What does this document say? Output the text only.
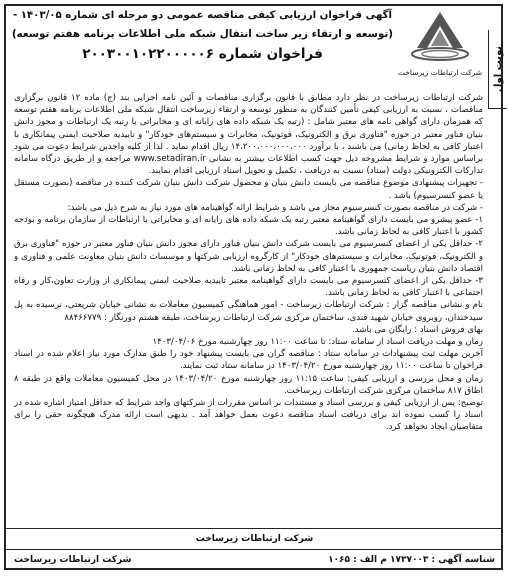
نوبت اول
آگهی فراخوان ارزیابی کیفی مناقصه عمومی دو مرحله ای شماره ۱۴۰۳/۰۵ -
(توسعه و ارتقاء زیر ساخت انتقال شبکه ملی اطلاعات برنامه هفتم توسعه)
فراخوان شماره ۲۰۰۳۰۰۱۰۲۲۰۰۰۰۰۶
شرکت ارتباطات زیرساخت

شرکت ارتباطات زیرساخت در نظر دارد مطابق با قانون برگزاری مناقصات و آئین نامه اجرایی بند (ج) ماده ۱۲ قانون برگزاری مناقصات ، نسبت به ارزیابی کیفی تأمین کنندگان به منظور توسعه و ارتقاء زیرساخت انتقال شبکه ملی اطلاعات برنامه هفتم توسعه که همزمان دارای گواهی نامه های معتبر شامل : (رتبه یک شبکه داده های رایانه ای و مخابراتی یا رتبه یک ارتباطات و مجوز دانش بنیان فناور معتبر در حوزه "فناوری برق و الکترونیک، فوتونیک، مخابرات و سیستم‌های خودکار" و تاییدیه صلاحیت ایمنی پیمانکاری با اعتبار کافی به لحاظ زمانی) می باشند ، با برآورد ۱۴،۲۰۰،۰۰۰،۰۰۰،۰۰۰ ریال اقدام نماید . لذا از کلیه واجدین شرایط دعوت می شود براساس موارد و شرایط مشروحه ذیل جهت کسب اطلاعات بیشتر به نشانی www.setadiran.ir مراجعه و از طریق درگاه سامانه تدارکات الکترونیکی دولت (ستاد) نسبت به دریافت ، تکمیل و تحویل اسناد ارزیابی اقدام نمایند.

- تجهیزات پیشنهادی موضوع مناقصه می بایست دانش بنیان و محصول شرکت دانش بنیان شرکت کننده در مناقصه (بصورت مستقل یا عضو کنسرسیوم) باشد .

- شرکت در مناقصه بصورت کنسرسیوم مجاز می باشد و شرایط ارائه گواهینامه های مورد نیاز به شرح ذیل می باشد:

۱- عضو پیشرو می بایست دارای گواهینامه معتبر رتبه یک شبکه داده های رایانه ای و مخابراتی یا ارتباطات از سازمان برنامه و بودجه کشور با اعتبار کافی به لحاظ زمانی باشد.

۲- حداقل یکی از اعضای کنسرسیوم می بایست شرکت دانش بنیان فناور دارای مجوز دانش بنیان فناور معتبر در حوزه "فناوری برق و الکترونیک، فوتونیک، مخابرات و سیستم‌های خودکار" از کارگروه ارزیابی شرکتها و موسسات دانش بنیان معاونت علمی و فناوری و اقتصاد دانش بنیان ریاست جمهوری با اعتبار کافی به لحاظ زمانی باشد.

۳- حداقل یکی از اعضای کنسرسیوم می بایست دارای گواهینامه معتبر تاییدیه صلاحیت ایمنی پیمانکاری از وزارت تعاون،کار و رفاه اجتماعی با اعتبار کافی به لحاظ زمانی باشد.

نام و نشانی مناقصه گزار : شرکت ارتباطات زیرساخت - امور هماهنگی کمیسیون معاملات به نشانی خیابان شریعتی، نرسیده به پل سیدخندان، روبروی خیابان شهید قندی، ساختمان مرکزی شرکت ارتباطات زیرساخت، طبقه هشتم دورنگار : ۸۸۴۶۶۷۷۹

بهای فروش اسناد : رایگان می باشد.

زمان و مهلت دریافت اسناد از سامانه ستاد: تا ساعت ۱۱:۰۰ روز چهارشنبه مورخ ۱۴۰۳/۰۴/۰۶

آخرین مهلت ثبت پیشنهادات در سامانه ستاد : مناقصه گران می بایست پیشنهاد خود را طبق مدارک مورد نیاز اعلام شده در اسناد فراخوان تا ساعت ۱۱:۰۰ روز چهارشنبه مورخ ۱۴۰۳/۰۴/۲۰ در سامانه ستاد ثبت نمایند.

زمان و محل بررسی و ارزیابی کیفی: ساعت ۱۱:۱۵ روز چهارشنبه مورخ ۱۴۰۳/۰۴/۲۰ در محل کمیسیون معاملات واقع در طبقه ۸ اطاق ۸۱۷ ساختمان مرکزی شرکت ارتباطات زیرساخت.

توضیح: پس از ارزیابی کیفی و بررسی اسناد و مستندات بر اساس مقررات از شرکتهای واجد شرایط که حداقل امتیاز اشاره شده در اسناد را کسب نموده اند برای دریافت اسناد مناقصه دعوت بعمل خواهد آمد . بدیهی است ارائه مدرک هیچگونه حقی را برای متقاضیان ایجاد نخواهد کرد.

شرکت ارتباطات زیرساخت
شناسه آگهی : ۱۷۳۷۰۰۳ م الف : ۱۰۶۵
شرکت ارتباطات زیرساخت
